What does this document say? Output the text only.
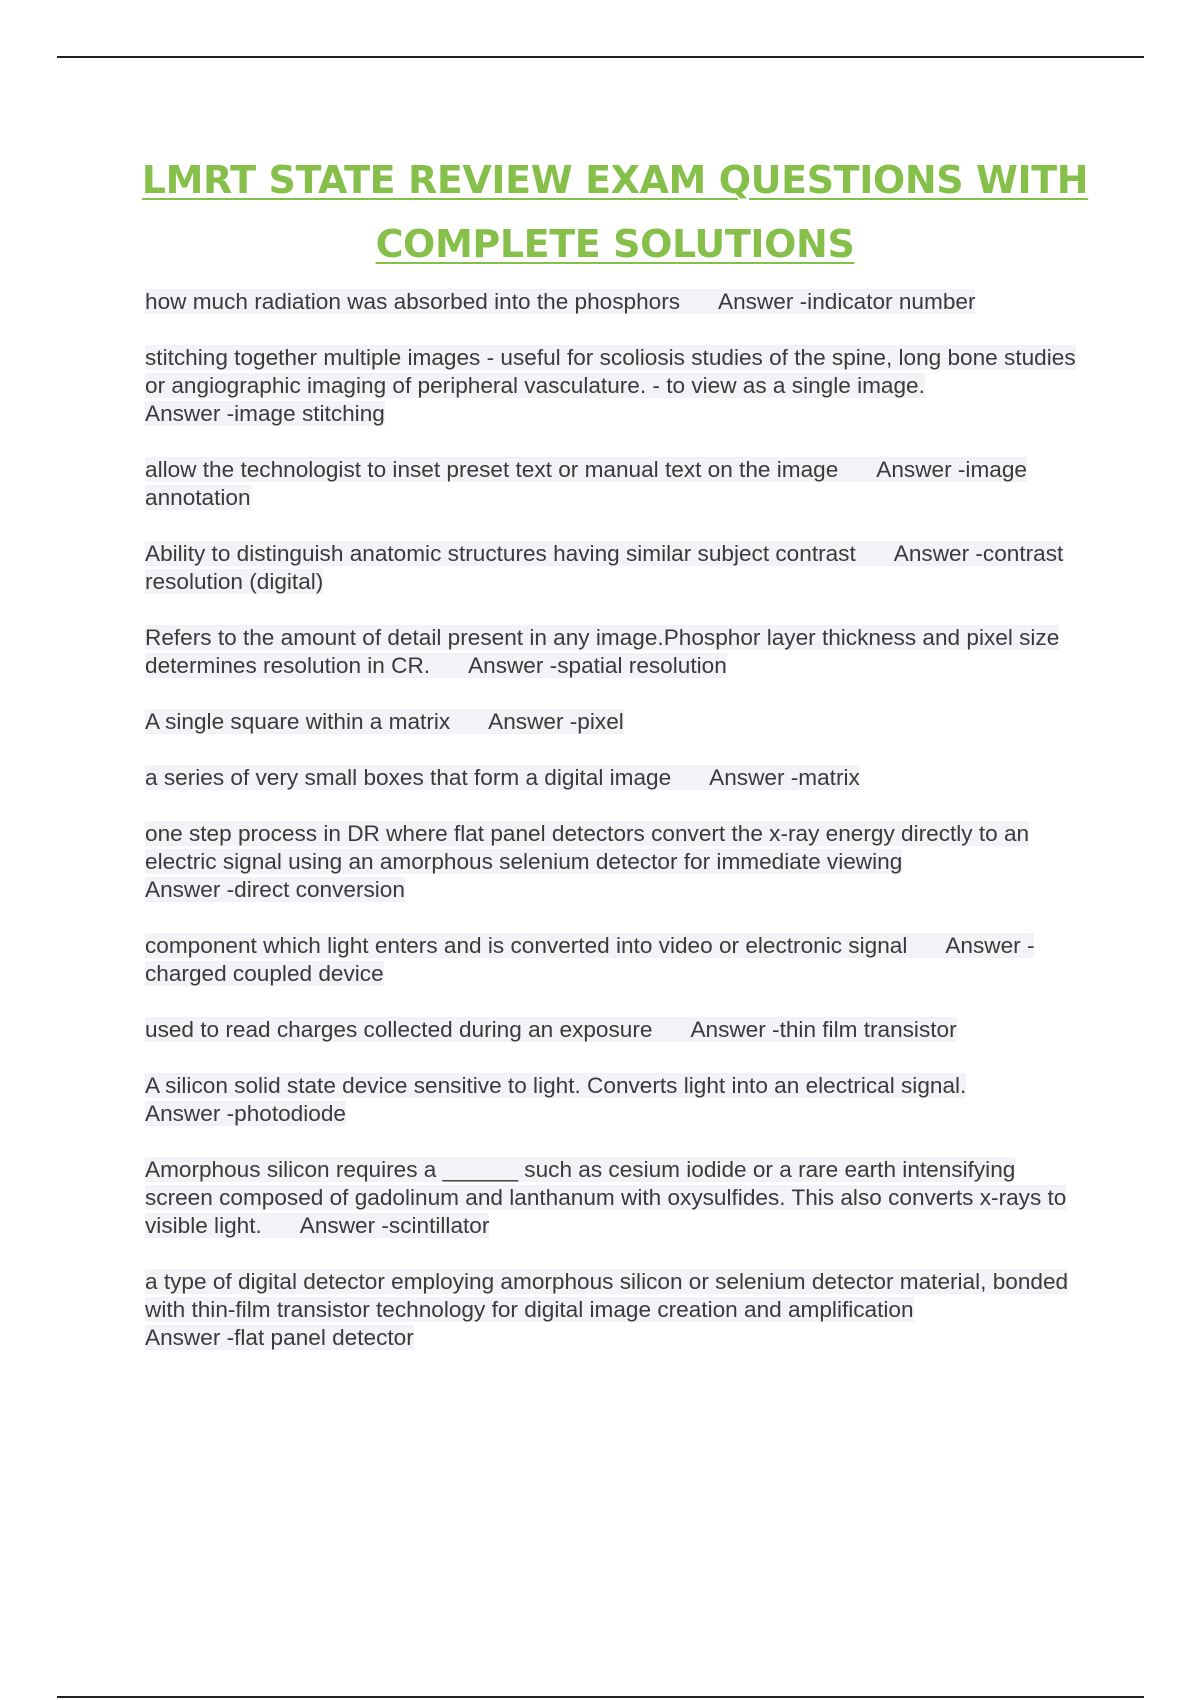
LMRT STATE REVIEW EXAM QUESTIONS WITH
COMPLETE SOLUTIONS

how much radiation was absorbed into the phosphors Answer -indicator number

stitching together multiple images - useful for scoliosis studies of the spine, long bone studies or angiographic imaging of peripheral vasculature. - to view as a single image.
Answer -image stitching

allow the technologist to inset preset text or manual text on the image Answer -image annotation

Ability to distinguish anatomic structures having similar subject contrast Answer -contrast resolution (digital)

Refers to the amount of detail present in any image.Phosphor layer thickness and pixel size determines resolution in CR. Answer -spatial resolution

A single square within a matrix Answer -pixel

a series of very small boxes that form a digital image Answer -matrix

one step process in DR where flat panel detectors convert the x-ray energy directly to an electric signal using an amorphous selenium detector for immediate viewing
Answer -direct conversion

component which light enters and is converted into video or electronic signal Answer -charged coupled device

used to read charges collected during an exposure Answer -thin film transistor

A silicon solid state device sensitive to light. Converts light into an electrical signal.
Answer -photodiode

Amorphous silicon requires a ______ such as cesium iodide or a rare earth intensifying screen composed of gadolinum and lanthanum with oxysulfides. This also converts x-rays to visible light. Answer -scintillator

a type of digital detector employing amorphous silicon or selenium detector material, bonded with thin-film transistor technology for digital image creation and amplification
Answer -flat panel detector
